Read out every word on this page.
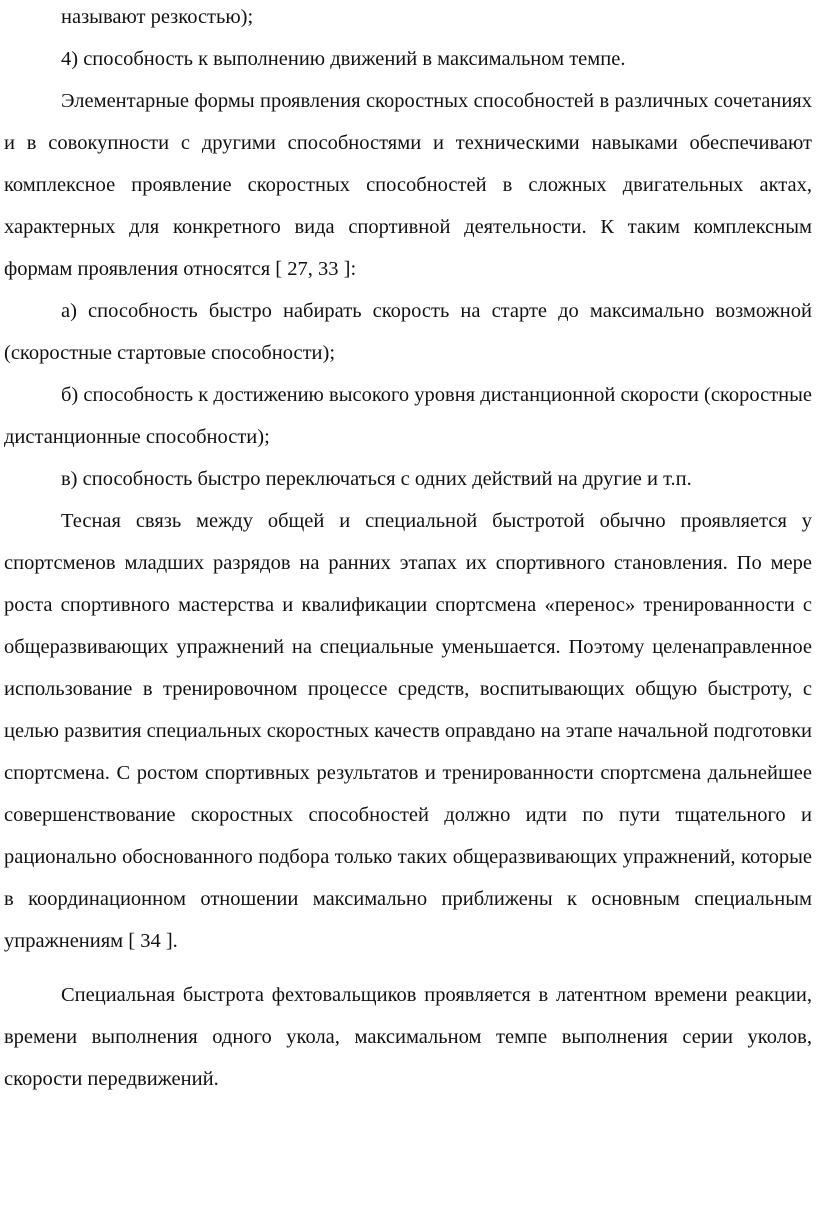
называют резкостью);

4) способность к выполнению движений в максимальном темпе.

Элементарные формы проявления скоростных способностей в различных сочетаниях и в совокупности с другими способностями и техническими навыками обеспечивают комплексное проявление скоростных способностей в сложных двигательных актах, характерных для конкретного вида спортивной деятельности. К таким комплексным формам проявления относятся [ 27, 33 ]:

а) способность быстро набирать скорость на старте до максимально возможной (скоростные стартовые способности);

б) способность к достижению высокого уровня дистанционной скорости (скоростные дистанционные способности);

в) способность быстро переключаться с одних действий на другие и т.п.

Тесная связь между общей и специальной быстротой обычно проявляется у спортсменов младших разрядов на ранних этапах их спортивного становления. По мере роста спортивного мастерства и квалификации спортсмена «перенос» тренированности с общеразвивающих упражнений на специальные уменьшается. Поэтому целенаправленное использование в тренировочном процессе средств, воспитывающих общую быстроту, с целью развития специальных скоростных качеств оправдано на этапе начальной подготовки спортсмена. С ростом спортивных результатов и тренированности спортсмена дальнейшее совершенствование скоростных способностей должно идти по пути тщательного и рационально обоснованного подбора только таких общеразвивающих упражнений, которые в координационном отношении максимально приближены к основным специальным упражнениям [ 34 ].

Специальная быстрота фехтовальщиков проявляется в латентном времени реакции, времени выполнения одного укола, максимальном темпе выполнения серии уколов, скорости передвижений.
